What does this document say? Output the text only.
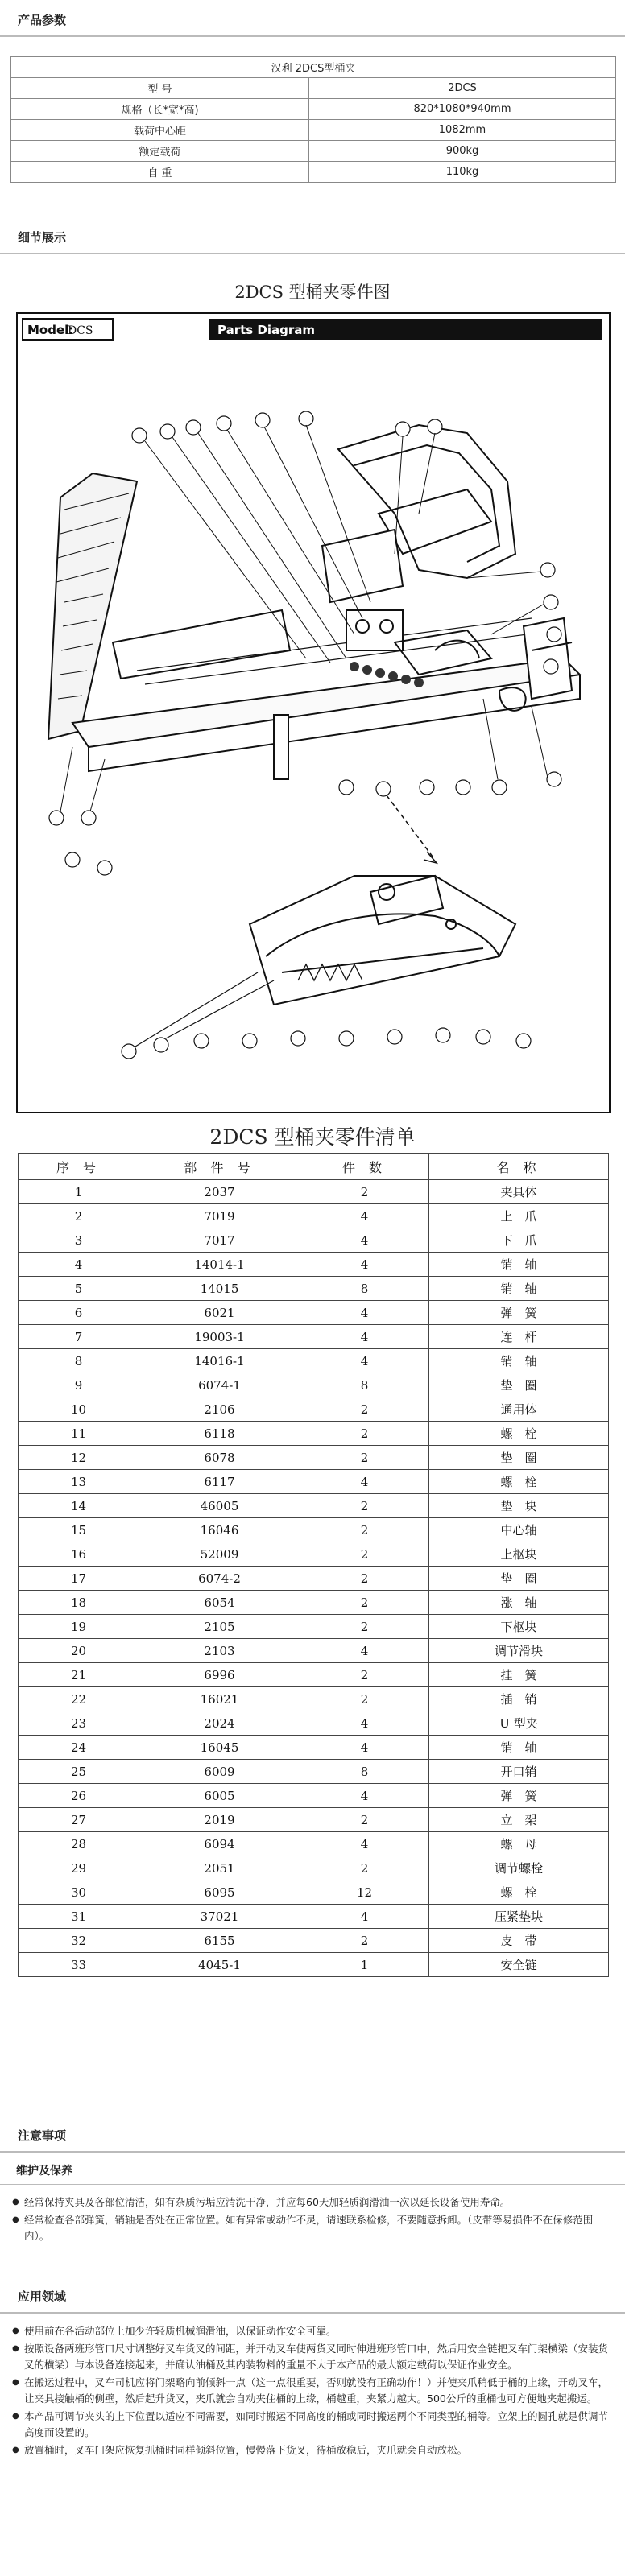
产品参数
汉利 2DCS型桶夹	
型 号	2DCS
规格（长*宽*高)	820*1080*940mm
载荷中心距	1082mm
额定载荷	900kg
自 重	110kg
细节展示
2DCS 型桶夹零件图
Model:
DCS	Parts Diagram
2DCS 型桶夹零件清单
序 号	部 件 号	件 数	名 称
1	2037	2	夹具体
2	7019	4	上　爪
3	7017	4	下　爪
4	14014-1	4	销　轴
5	14015	8	销　轴
6	6021	4	弹　簧
7	19003-1	4	连　杆
8	14016-1	4	销　轴
9	6074-1	8	垫　圈
10	2106	2	通用体
11	6118	2	螺　栓
12	6078	2	垫　圈
13	6117	4	螺　栓
14	46005	2	垫　块
15	16046	2	中心轴
16	52009	2	上枢块
17	6074-2	2	垫　圈
18	6054	2	涨　轴
19	2105	2	下枢块
20	2103	4	调节滑块
21	6996	2	挂　簧
22	16021	2	插　销
23	2024	4	U 型夹
24	16045	4	销　轴
25	6009	8	开口销
26	6005	4	弹　簧
27	2019	2	立　架
28	6094	4	螺　母
29	2051	2	调节螺栓
30	6095	12	螺　栓
31	37021	4	压紧垫块
32	6155	2	皮　带
33	4045-1	1	安全链
注意事项
维护及保养
● 经常保持夹具及各部位清洁，如有杂质污垢应清洗干净，并应每60天加轻质润滑油一次以延长设备使用寿命。
● 经常检查各部弹簧，销轴是否处在正常位置。如有异常或动作不灵，请速联系检修，不要随意拆卸。（皮带等易损件不在保修范围内）。
应用领域
● 使用前在各活动部位上加少许轻质机械润滑油，以保证动作安全可靠。
● 按照设备两班形管口尺寸调整好叉车货叉的间距，并开动叉车使两货叉同时伸进班形管口中，然后用安全链把叉车门架横梁（安装货叉的横梁）与本设备连接起来，并确认油桶及其内装物料的重量不大于本产品的最大额定载荷以保证作业安全。
● 在搬运过程中，叉车司机应将门架略向前倾斜一点（这一点很重要，否则就没有正确动作！）并使夹爪稍低于桶的上缘，开动叉车，让夹具接触桶的侧壁，然后起升货叉，夹爪就会自动夹住桶的上缘，桶越重，夹紧力越大。500公斤的重桶也可方便地夹起搬运。
● 本产品可调节夹头的上下位置以适应不同需要，如同时搬运不同高度的桶或同时搬运两个不同类型的桶等。立架上的圆孔就是供调节高度而设置的。
● 放置桶时，叉车门架应恢复抓桶时同样倾斜位置，慢慢落下货叉，待桶放稳后，夹爪就会自动放松。
